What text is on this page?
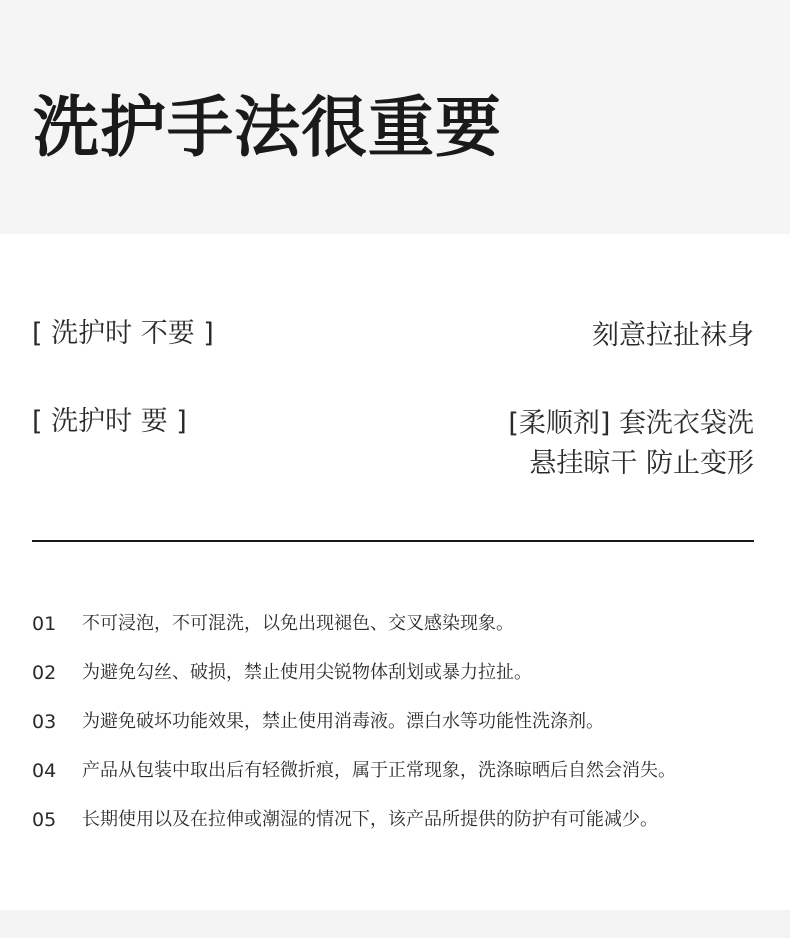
洗护手法很重要
[ 洗护时 不要 ]	刻意拉扯袜身
[ 洗护时 要 ]	[柔顺剂] 套洗衣袋洗
悬挂晾干 防止变形
01 不可浸泡，不可混洗，以免出现褪色、交叉感染现象。
02 为避免勾丝、破损，禁止使用尖锐物体刮划或暴力拉扯。
03 为避免破坏功能效果，禁止使用消毒液。漂白水等功能性洗涤剂。
04 产品从包装中取出后有轻微折痕，属于正常现象，洗涤晾晒后自然会消失。
05 长期使用以及在拉伸或潮湿的情况下，该产品所提供的防护有可能减少。
